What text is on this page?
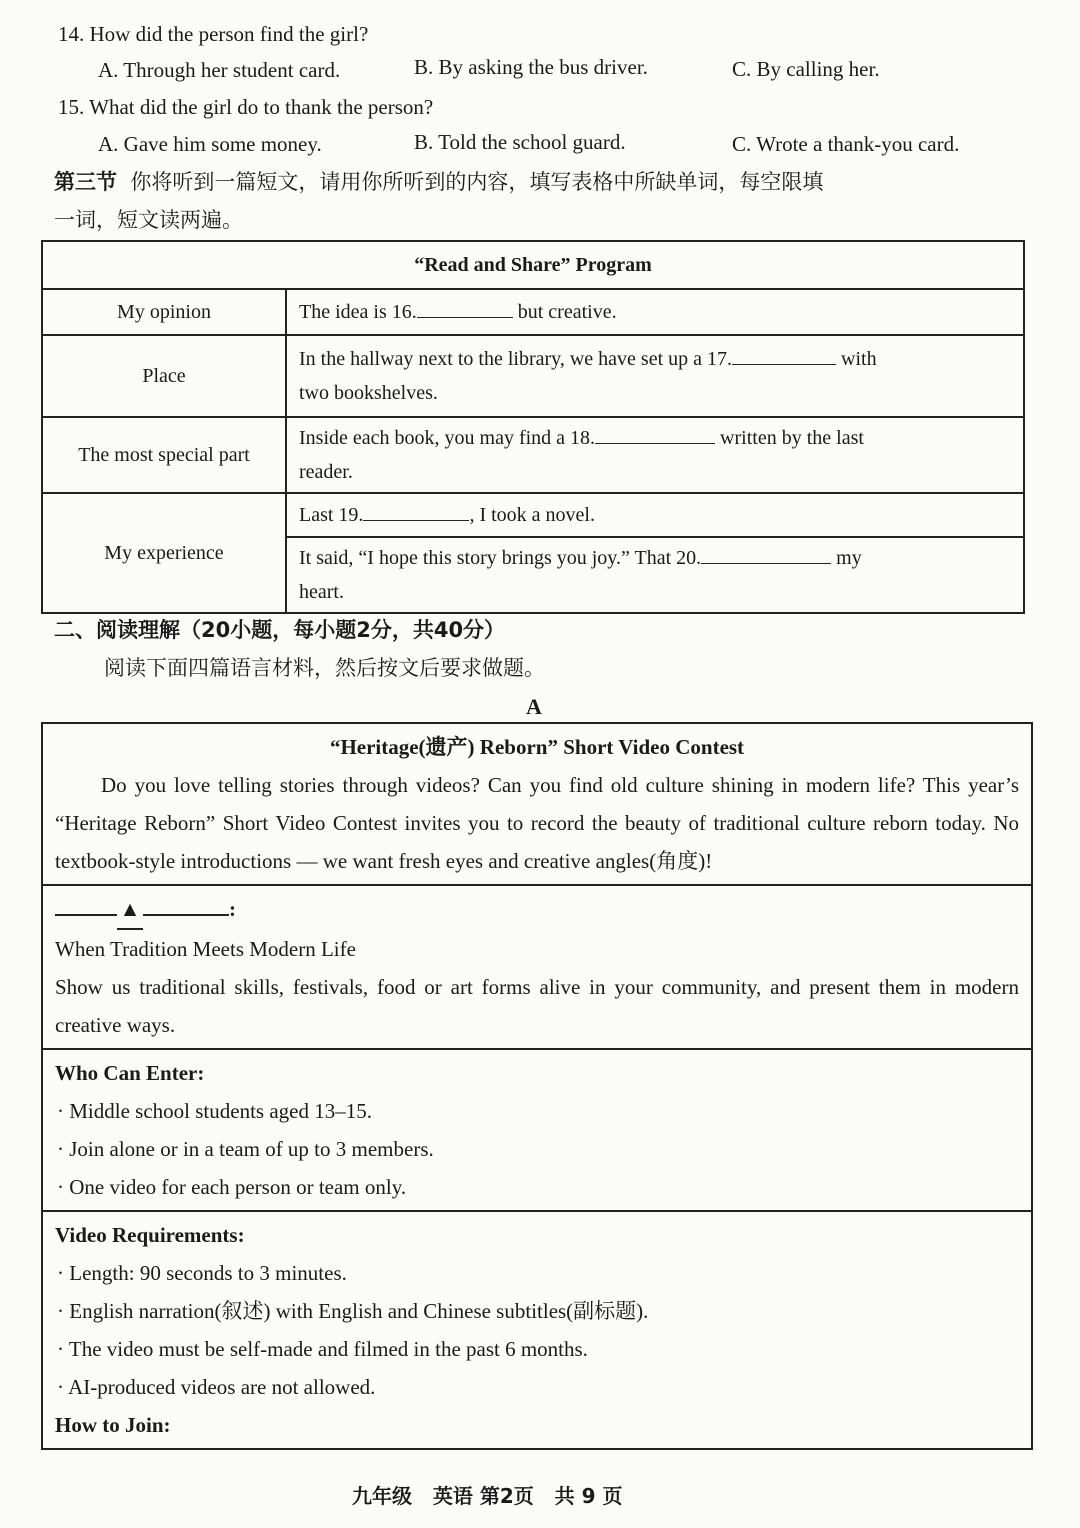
14. How did the person find the girl?
A. Through her student card.	B. By asking the bus driver.	C. By calling her.
15. What did the girl do to thank the person?
A. Gave him some money.	B. Told the school guard.	C. Wrote a thank-you card.
第三节 你将听到一篇短文，请用你所听到的内容，填写表格中所缺单词，每空限填
一词，短文读两遍。
“Read and Share” Program	
My opinion	The idea is 16. but creative.
Place	In the hallway next to the library, we have set up a 17. with
two bookshelves.
The most special part	Inside each book, you may find a 18. written by the last
reader.
My experience	Last 19. , I took a novel.
	It said, “I hope this story brings you joy.” That 20. my
heart.
二、阅读理解（20小题，每小题2分，共40分）
阅读下面四篇语言材料，然后按文后要求做题。
A
“Heritage(遗产) Reborn” Short Video Contest
Do you love telling stories through videos? Can you find old culture shining in modern life? This year’s “Heritage Reborn” Short Video Contest invites you to record the beauty of traditional culture reborn today. No textbook-style introductions — we want fresh eyes and creative angles(角度)!
▲	:
When Tradition Meets Modern Life
Show us traditional skills, festivals, food or art forms alive in your community, and present them in modern creative ways.
Who Can Enter:
· Middle school students aged 13–15.
· Join alone or in a team of up to 3 members.
· One video for each person or team only.
Video Requirements:
· Length: 90 seconds to 3 minutes.
· English narration(叙述) with English and Chinese subtitles(副标题).
· The video must be self-made and filmed in the past 6 months.
· AI-produced videos are not allowed.
How to Join:
九年级 英语 第2页 共 9 页
